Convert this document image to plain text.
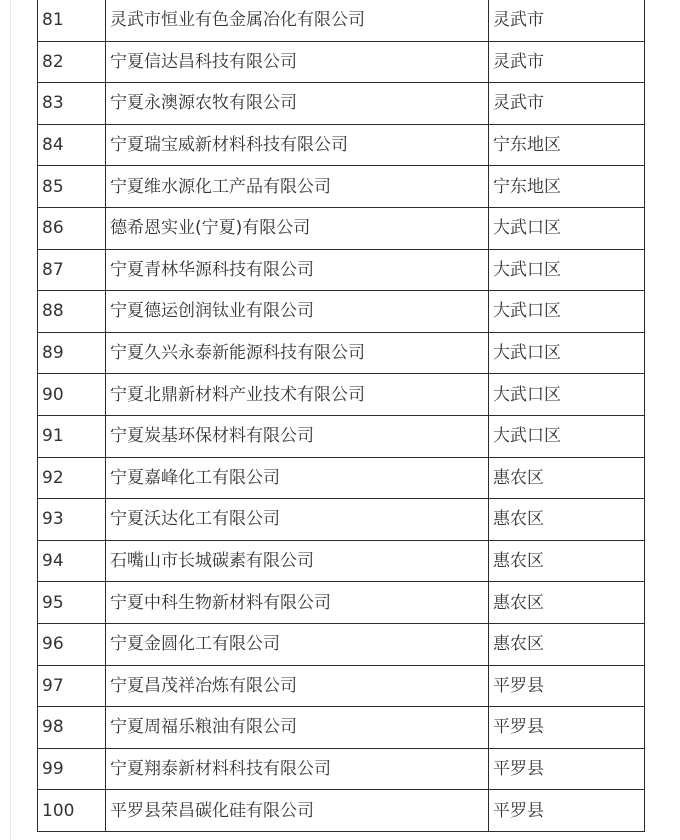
81	灵武市恒业有色金属冶化有限公司	灵武市
82	宁夏信达昌科技有限公司	灵武市
83	宁夏永澳源农牧有限公司	灵武市
84	宁夏瑞宝威新材料科技有限公司	宁东地区
85	宁夏维水源化工产品有限公司	宁东地区
86	德希恩实业(宁夏)有限公司	大武口区
87	宁夏青林华源科技有限公司	大武口区
88	宁夏德运创润钛业有限公司	大武口区
89	宁夏久兴永泰新能源科技有限公司	大武口区
90	宁夏北鼎新材料产业技术有限公司	大武口区
91	宁夏炭基环保材料有限公司	大武口区
92	宁夏嘉峰化工有限公司	惠农区
93	宁夏沃达化工有限公司	惠农区
94	石嘴山市长城碳素有限公司	惠农区
95	宁夏中科生物新材料有限公司	惠农区
96	宁夏金圆化工有限公司	惠农区
97	宁夏昌茂祥冶炼有限公司	平罗县
98	宁夏周福乐粮油有限公司	平罗县
99	宁夏翔泰新材料科技有限公司	平罗县
100	平罗县荣昌碳化硅有限公司	平罗县
